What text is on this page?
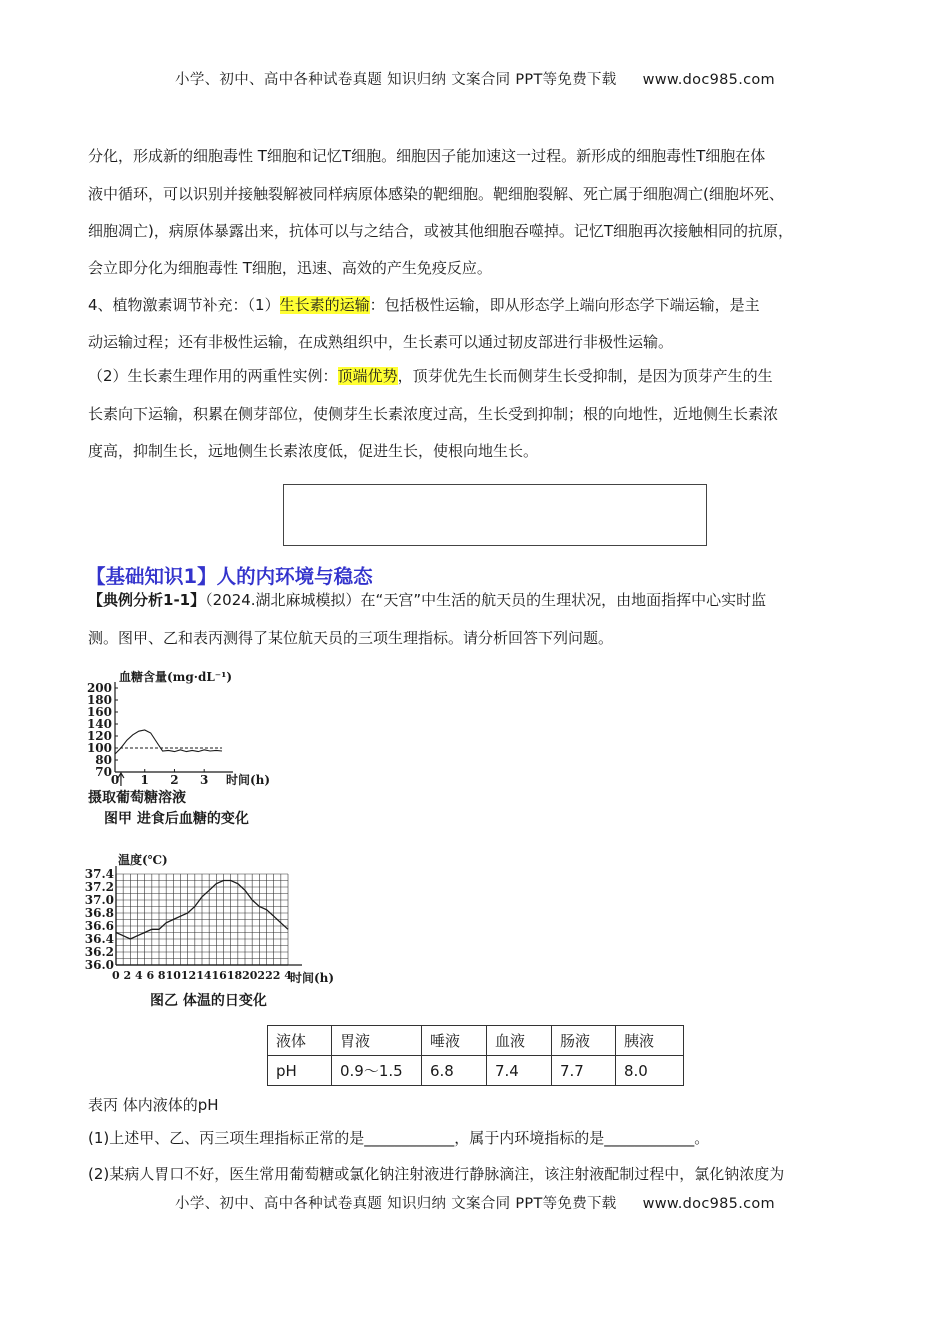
小学、初中、高中各种试卷真题 知识归纳 文案合同 PPT等免费下载 www.doc985.com
分化，形成新的细胞毒性 T细胞和记忆T细胞。细胞因子能加速这一过程。新形成的细胞毒性T细胞在体
液中循环，可以识别并接触裂解被同样病原体感染的靶细胞。靶细胞裂解、死亡属于细胞凋亡(细胞坏死、
细胞凋亡)，病原体暴露出来，抗体可以与之结合，或被其他细胞吞噬掉。记忆T细胞再次接触相同的抗原，
会立即分化为细胞毒性 T细胞，迅速、高效的产生免疫反应。
4、植物激素调节补充：（1）生长素的运输：包括极性运输，即从形态学上端向形态学下端运输，是主
动运输过程；还有非极性运输，在成熟组织中，生长素可以通过韧皮部进行非极性运输。
（2）生长素生理作用的两重性实例：顶端优势，顶芽优先生长而侧芽生长受抑制，是因为顶芽产生的生
长素向下运输，积累在侧芽部位，使侧芽生长素浓度过高，生长受到抑制；根的向地性，近地侧生长素浓
度高，抑制生长，远地侧生长素浓度低，促进生长，使根向地生长。
【基础知识1】人的内环境与稳态
【典例分析1-1】（2024.湖北麻城模拟）在“天宫”中生活的航天员的生理状况，由地面指挥中心实时监
测。图甲、乙和表丙测得了某位航天员的三项生理指标。请分析回答下列问题。
70
80
100
120
140
160
180
200
0 1 2 3
血糖含量(mg·dL⁻¹)
时间(h)
摄取葡萄糖溶液
图甲 进食后血糖的变化
36.0
36.2
36.4
36.6
36.8
37.0
37.2
37.4
温度(℃)
时间(h)
0 2 4 6 8101214161820222 4
图乙 体温的日变化
液体	胃液	唾液	血液	肠液	胰液
pH	0.9～1.5	6.8	7.4	7.7	8.0
表丙 体内液体的pH
(1)上述甲、乙、丙三项生理指标正常的是____________，属于内环境指标的是____________。
(2)某病人胃口不好，医生常用葡萄糖或氯化钠注射液进行静脉滴注，该注射液配制过程中，氯化钠浓度为
小学、初中、高中各种试卷真题 知识归纳 文案合同 PPT等免费下载 www.doc985.com
